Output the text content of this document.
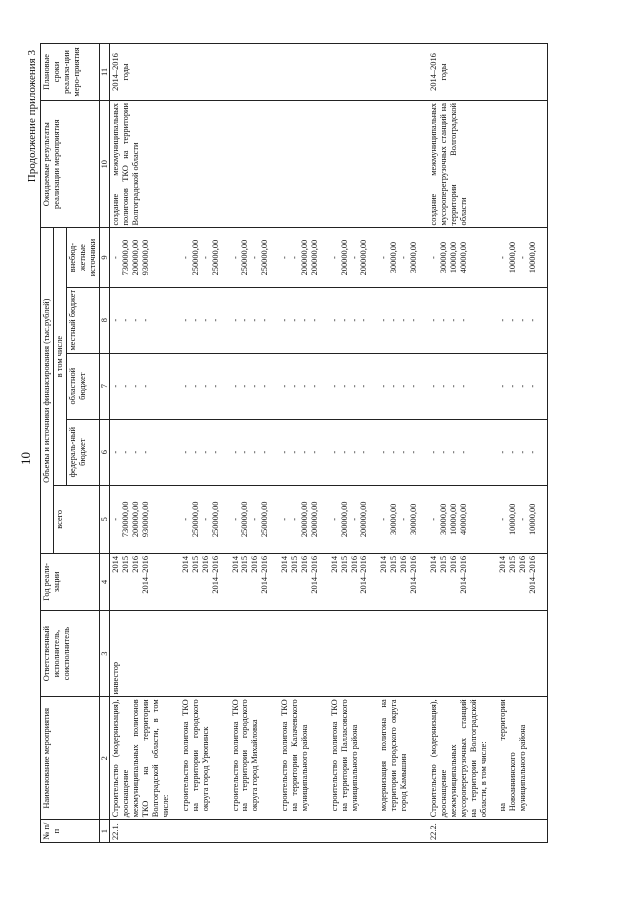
10
Продолжение приложения 3
№ п/п	Наименование мероприятия	Ответственный исполнитель, соисполнитель	Год реали-зации	Объемы и источники финансирования (тыс.рублей)					Ожидаемые результаты реализации мероприятия	Плановые сроки реализа-ции меро-приятия
				всего	в том числе					
					федераль-ный бюджет	областной бюджет	местный бюджет	внебюд-жетные источники		
1	2	3	4	5	6	7	8	9	10	11
22.1.	Строительство (модернизация), дооснащение межмуниципальных полигонов ТКО на территории Волгоградской области, в том числе:	инвестор	2014 2015 2016 2014–2016	- 730000,00 200000,00 930000,00	- - - -	- - - -	- - - -	- 730000,00 200000,00 930000,00	создание межмуниципальных полигонов ТКО на территории Волгоградской области	2014–2016 годы

	строительство полигона ТКО на территории городского округа город Урюпинск		2014 2015 2016 2014–2016	- 250000,00 - 250000,00	- - - -	- - - -	- - - -	- 250000,00 - 250000,00		

	строительство полигона ТКО на территории городского округа город Михайловка		2014 2015 2016 2014–2016	- 250000,00 - 250000,00	- - - -	- - - -	- - - -	- 250000,00 - 250000,00		

	строительство полигона ТКО на территории Калачевского муниципального района		2014 2015 2016 2014–2016	- - 200000,00 200000,00	- - - -	- - - -	- - - -	- - 200000,00 200000,00		

	строительство полигона ТКО на территории Палласовского муниципального района		2014 2015 2016 2014–2016	- 200000,00 - 200000,00	- - - -	- - - -	- - - -	- 200000,00 - 200000,00		

	модернизация полигона на территории городского округа город Камышин		2014 2015 2016 2014–2016	- 30000,00 - 30000,00	- - - -	- - - -	- - - -	- 30000,00 - 30000,00		

22.2.	Строительство (модернизация), дооснащение межмуниципальных мусороперегрузочных станций на территории Волгоградской области, в том числе:		2014 2015 2016 2014–2016	- 30000,00 10000,00 40000,00	- - - -	- - - -	- - - -	- 30000,00 10000,00 40000,00	создание межмуниципальных мусороперегрузочных станций на территории Волгоградской области	2014–2016 годы

	на территории Новоаннинского муниципального района		2014 2015 2016 2014–2016	- 10000,00 - 10000,00	- - - -	- - - -	- - - -	- 10000,00 - 10000,00		
